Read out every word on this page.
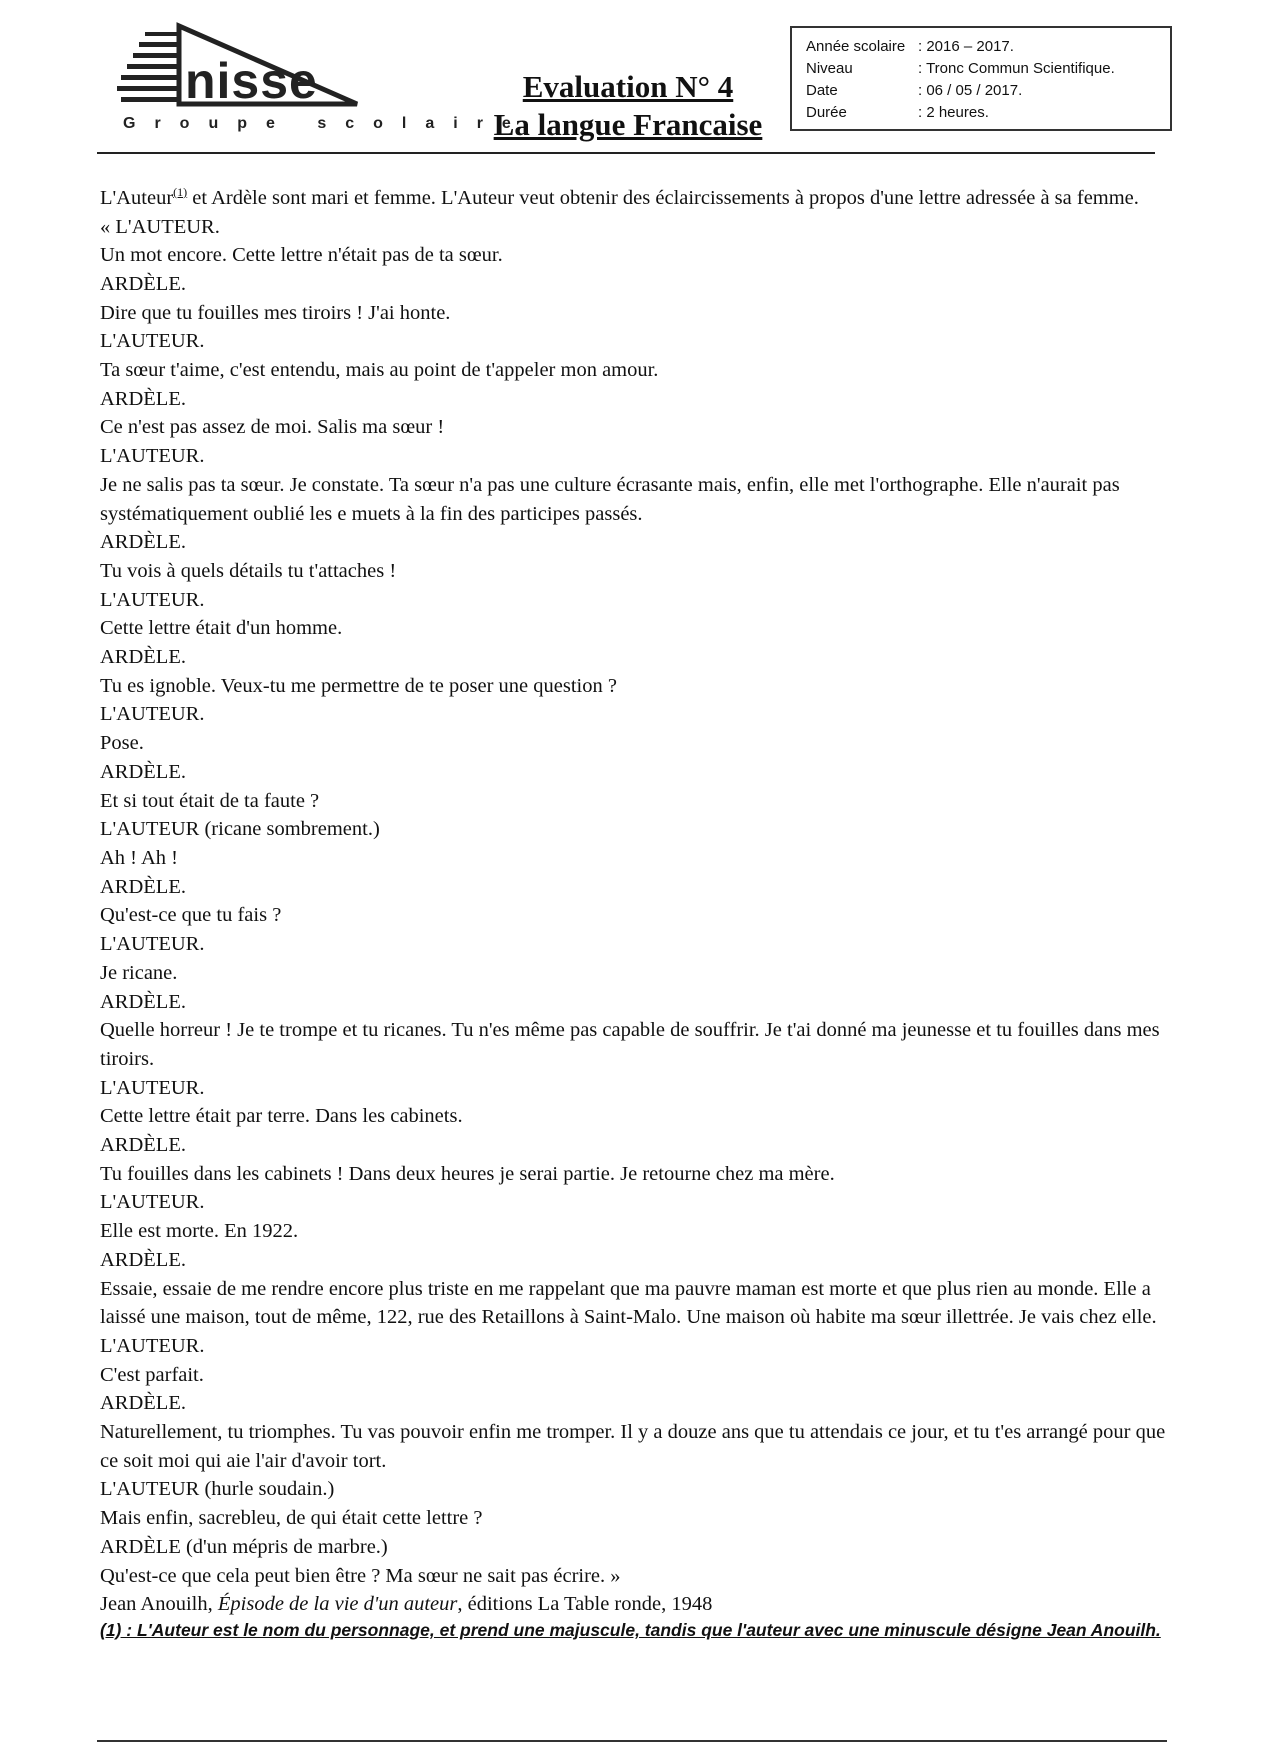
nisse
Groupe scolaire
Evaluation N° 4
La langue Francaise
Année scolaire : 2016 – 2017.
Niveau	: Tronc Commun Scientifique.
Date	: 06 / 05 / 2017.
Durée	: 2 heures.

L'Auteur$^{(1)}$ et Ardèle sont mari et femme. L'Auteur veut obtenir des éclaircissements à propos d'une lettre adressée à sa femme.

« L'AUTEUR.

Un mot encore. Cette lettre n'était pas de ta sœur.

ARDÈLE.

Dire que tu fouilles mes tiroirs ! J'ai honte.

L'AUTEUR.

Ta sœur t'aime, c'est entendu, mais au point de t'appeler mon amour.

ARDÈLE.

Ce n'est pas assez de moi. Salis ma sœur !

L'AUTEUR.

Je ne salis pas ta sœur. Je constate. Ta sœur n'a pas une culture écrasante mais, enfin, elle met l'orthographe. Elle n'aurait pas systématiquement oublié les e muets à la fin des participes passés.

ARDÈLE.

Tu vois à quels détails tu t'attaches !

L'AUTEUR.

Cette lettre était d'un homme.

ARDÈLE.

Tu es ignoble. Veux-tu me permettre de te poser une question ?

L'AUTEUR.

Pose.

ARDÈLE.

Et si tout était de ta faute ?

L'AUTEUR (ricane sombrement.)

Ah ! Ah !

ARDÈLE.

Qu'est-ce que tu fais ?

L'AUTEUR.

Je ricane.

ARDÈLE.

Quelle horreur ! Je te trompe et tu ricanes. Tu n'es même pas capable de souffrir. Je t'ai donné ma jeunesse et tu fouilles dans mes tiroirs.

L'AUTEUR.

Cette lettre était par terre. Dans les cabinets.

ARDÈLE.

Tu fouilles dans les cabinets ! Dans deux heures je serai partie. Je retourne chez ma mère.

L'AUTEUR.

Elle est morte. En 1922.

ARDÈLE.

Essaie, essaie de me rendre encore plus triste en me rappelant que ma pauvre maman est morte et que plus rien au monde. Elle a laissé une maison, tout de même, 122, rue des Retaillons à Saint-Malo. Une maison où habite ma sœur illettrée. Je vais chez elle.

L'AUTEUR.

C'est parfait.

ARDÈLE.

Naturellement, tu triomphes. Tu vas pouvoir enfin me tromper. Il y a douze ans que tu attendais ce jour, et tu t'es arrangé pour que ce soit moi qui aie l'air d'avoir tort.

L'AUTEUR (hurle soudain.)

Mais enfin, sacrebleu, de qui était cette lettre ?

ARDÈLE (d'un mépris de marbre.)

Qu'est-ce que cela peut bien être ? Ma sœur ne sait pas écrire. »

Jean Anouilh, Épisode de la vie d'un auteur, éditions La Table ronde, 1948

(1) : L'Auteur est le nom du personnage, et prend une majuscule, tandis que l'auteur avec une minuscule désigne Jean Anouilh.
